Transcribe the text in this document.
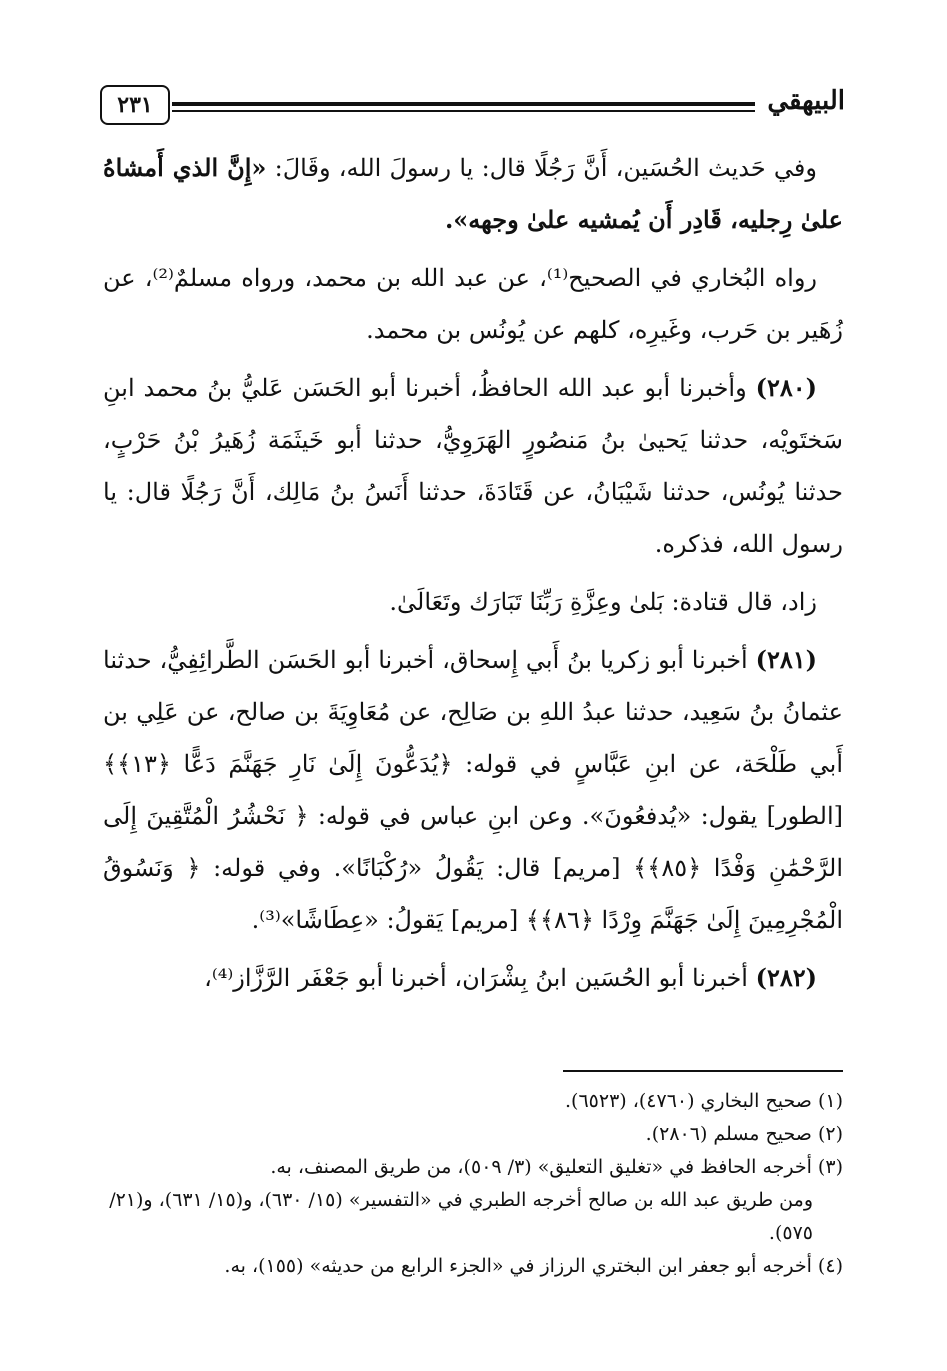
البيهقي
٢٣١

وفي حَديث الحُسَين، أَنَّ رَجُلًا قال: يا رسولَ الله، وقَالَ: «إِنَّ الذي أَمشاهُ علىٰ رِجليه، قَادِر أَن يُمشيه علىٰ وجهه».

رواه البُخاري في الصحيح⁽¹⁾، عن عبد الله بن محمد، ورواه مسلمٌ⁽²⁾، عن زُهَير بن حَرب، وغَيرِه، كلهم عن يُونُس بن محمد.

(٢٨٠) وأخبرنا أبو عبد الله الحافظُ، أخبرنا أبو الحَسَن عَليُّ بنُ محمد ابنِ سَختَويْه، حدثنا يَحيىٰ بنُ مَنصُورٍ الهَرَوِيُّ، حدثنا أبو خَيثَمَة زُهَيرُ بْنُ حَرْبٍ، حدثنا يُونُس، حدثنا شَيْبَانُ، عن قَتَادَةَ، حدثنا أَنَسُ بنُ مَالِك، أَنَّ رَجُلًا قال: يا رسول الله، فذكره.

زاد، قال قتادة: بَلىٰ وعِزَّةِ رَبِّنَا تَبَارَك وتَعَالَىٰ.

(٢٨١) أخبرنا أبو زكريا بنُ أَبي إِسحاق، أخبرنا أبو الحَسَن الطَّرائِفِيُّ، حدثنا عثمانُ بنُ سَعِيد، حدثنا عبدُ اللهِ بن صَالِح، عن مُعَاوِيَةَ بن صالح، عن عَلِي بن أَبي طَلْحَة، عن ابنِ عَبَّاسٍ في قوله: ﴿يُدَعُّونَ إِلَىٰ نَارِ جَهَنَّمَ دَعًّا ﴿١٣﴾﴾ [الطور] يقول: «يُدفعُونَ». وعن ابنِ عباس في قوله: ﴿ نَحْشُرُ الْمُتَّقِينَ إِلَى الرَّحْمَٰنِ وَفْدًا ﴿٨٥﴾﴾ [مريم] قال: يَقُولُ «رُكْبَانًا». وفي قوله: ﴿ وَنَسُوقُ الْمُجْرِمِينَ إِلَىٰ جَهَنَّمَ وِرْدًا ﴿٨٦﴾﴾ [مريم] يَقولُ: «عِطَاشًا»⁽³⁾.

(٢٨٢) أخبرنا أبو الحُسَين ابنُ بِشْرَان، أخبرنا أبو جَعْفَر الرَّزَّاز⁽⁴⁾،

(١) صحيح البخاري (٤٧٦٠)، (٦٥٢٣).

(٢) صحيح مسلم (٢٨٠٦).

(٣) أخرجه الحافظ في «تغليق التعليق» (٣/ ٥٠٩)، من طريق المصنف، به.

ومن طريق عبد الله بن صالح أخرجه الطبري في «التفسير» (١٥/ ٦٣٠)، و(١٥/ ٦٣١)، و(٢١/ ٥٧٥).

(٤) أخرجه أبو جعفر ابن البختري الرزاز في «الجزء الرابع من حديثه» (١٥٥)، به.
